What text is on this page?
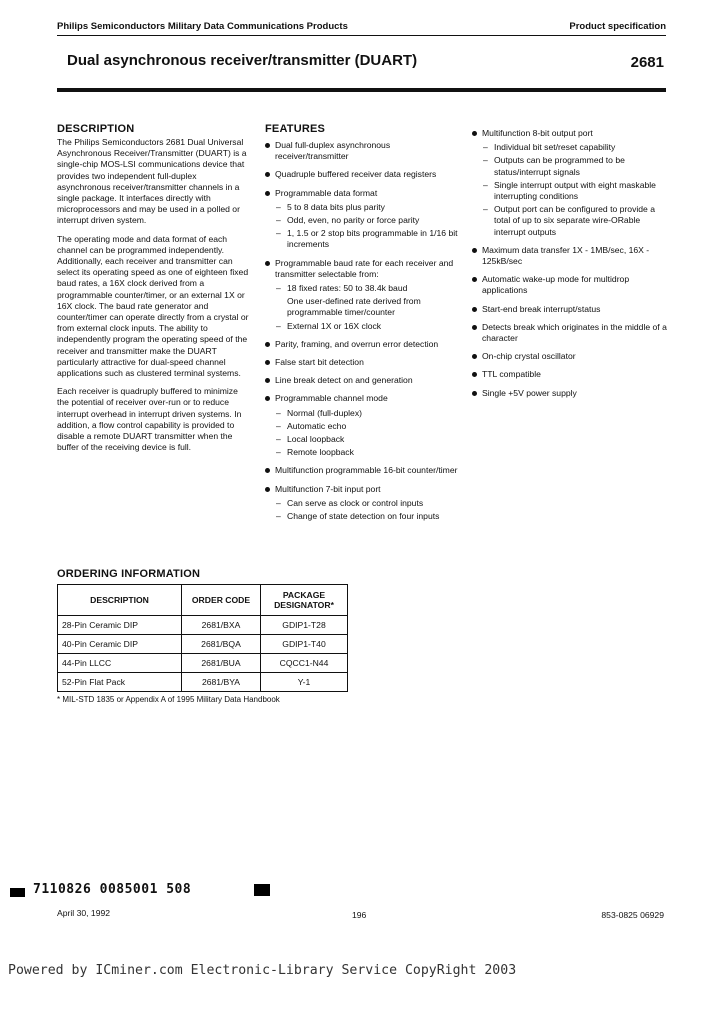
Philips Semiconductors Military Data Communications Products	Product specification
Dual asynchronous receiver/transmitter (DUART)	2681
DESCRIPTION

The Philips Semiconductors 2681 Dual Universal Asynchronous Receiver/Transmitter (DUART) is a single-chip MOS-LSI communications device that provides two independent full-duplex asynchronous receiver/transmitter channels in a single package. It interfaces directly with microprocessors and may be used in a polled or interrupt driven system.

The operating mode and data format of each channel can be programmed independently. Additionally, each receiver and transmitter can select its operating speed as one of eighteen fixed baud rates, a 16X clock derived from a programmable counter/timer, or an external 1X or 16X clock. The baud rate generator and counter/timer can operate directly from a crystal or from external clock inputs. The ability to independently program the operating speed of the receiver and transmitter make the DUART particularly attractive for dual-speed channel applications such as clustered terminal systems.

Each receiver is quadruply buffered to minimize the potential of receiver over-run or to reduce interrupt overhead in interrupt driven systems. In addition, a flow control capability is provided to disable a remote DUART transmitter when the buffer of the receiving device is full.

FEATURES
Dual full-duplex asynchronous receiver/transmitter
Quadruple buffered receiver data registers
Programmable data format
– 5 to 8 data bits plus parity
– Odd, even, no parity or force parity
– 1, 1.5 or 2 stop bits programmable in 1/16 bit increments
Programmable baud rate for each receiver and transmitter selectable from:
– 18 fixed rates: 50 to 38.4k baud
One user-defined rate derived from programmable timer/counter
– External 1X or 16X clock
Parity, framing, and overrun error detection
False start bit detection
Line break detect on and generation
Programmable channel mode
– Normal (full-duplex)
– Automatic echo
– Local loopback
– Remote loopback
Multifunction programmable 16-bit counter/timer
Multifunction 7-bit input port
– Can serve as clock or control inputs
– Change of state detection on four inputs
Multifunction 8-bit output port
– Individual bit set/reset capability
– Outputs can be programmed to be status/interrupt signals
– Single interrupt output with eight maskable interrupting conditions
– Output port can be configured to provide a total of up to six separate wire-ORable interrupt outputs
Maximum data transfer 1X - 1MB/sec, 16X - 125kB/sec
Automatic wake-up mode for multidrop applications
Start-end break interrupt/status
Detects break which originates in the middle of a character
On-chip crystal oscillator
TTL compatible
Single +5V power supply
ORDERING INFORMATION
DESCRIPTION	ORDER CODE	PACKAGE DESIGNATOR*
28-Pin Ceramic DIP	2681/BXA	GDIP1-T28
40-Pin Ceramic DIP	2681/BQA	GDIP1-T40
44-Pin LLCC	2681/BUA	CQCC1-N44
52-Pin Flat Pack	2681/BYA	Y-1
* MIL-STD 1835 or Appendix A of 1995 Military Data Handbook
7110826 0085001 508
April 30, 1992	196	853-0825 06929
Powered by ICminer.com Electronic-Library Service CopyRight 2003
